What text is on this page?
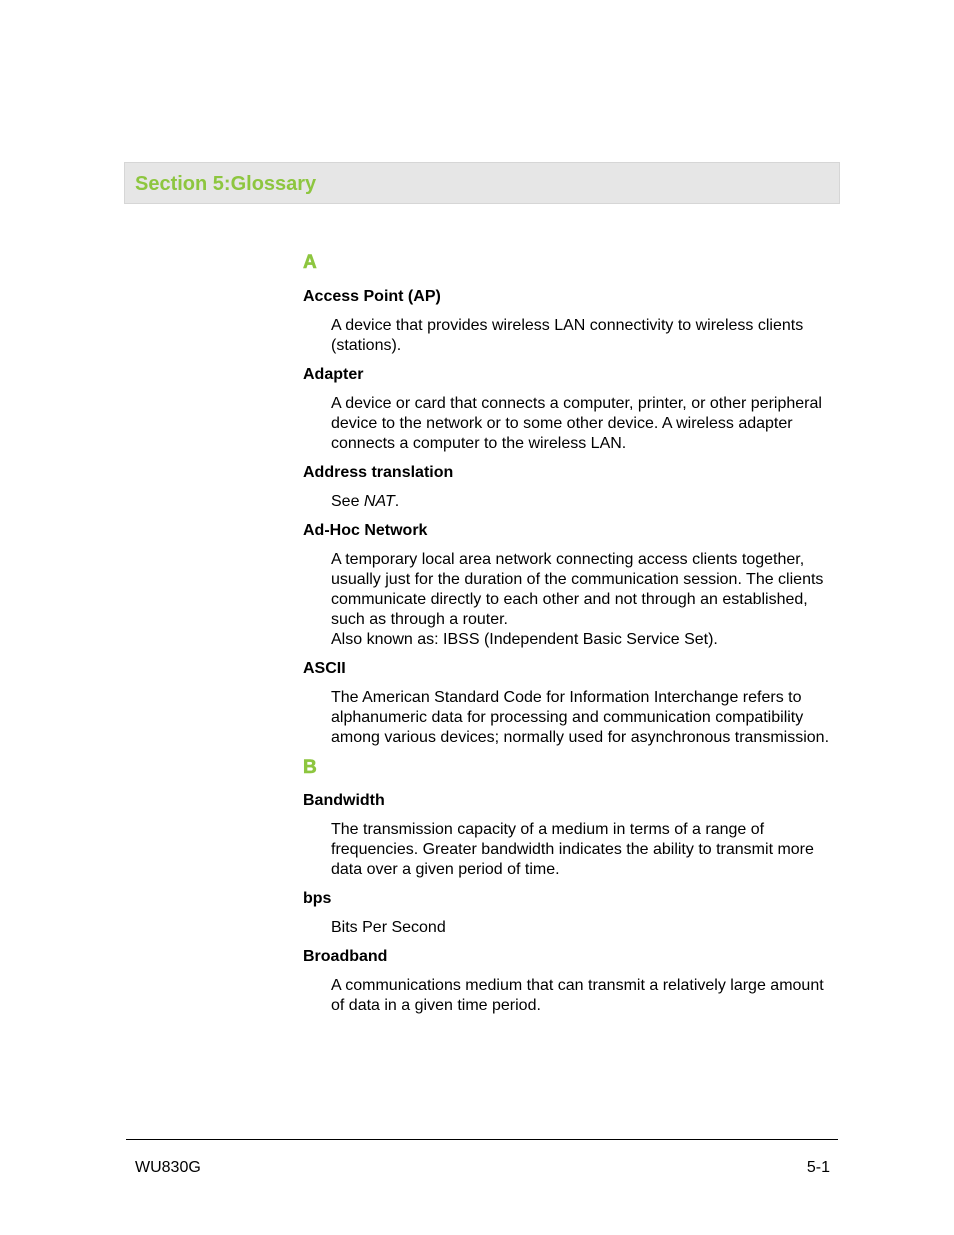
Section 5:Glossary
A
Access Point (AP)

A device that provides wireless LAN connectivity to wireless clients (stations).

Adapter

A device or card that connects a computer, printer, or other peripheral device to the network or to some other device. A wireless adapter connects a computer to the wireless LAN.

Address translation

See NAT.

Ad-Hoc Network

A temporary local area network connecting access clients together, usually just for the duration of the communication session. The clients communicate directly to each other and not through an established, such as through a router.

Also known as: IBSS (Independent Basic Service Set).

ASCII

The American Standard Code for Information Interchange refers to alphanumeric data for processing and communication compatibility among various devices; normally used for asynchronous transmission.

B
Bandwidth

The transmission capacity of a medium in terms of a range of frequencies. Greater bandwidth indicates the ability to transmit more data over a given period of time.

bps

Bits Per Second

Broadband

A communications medium that can transmit a relatively large amount of data in a given time period.

WU830G	5-1
